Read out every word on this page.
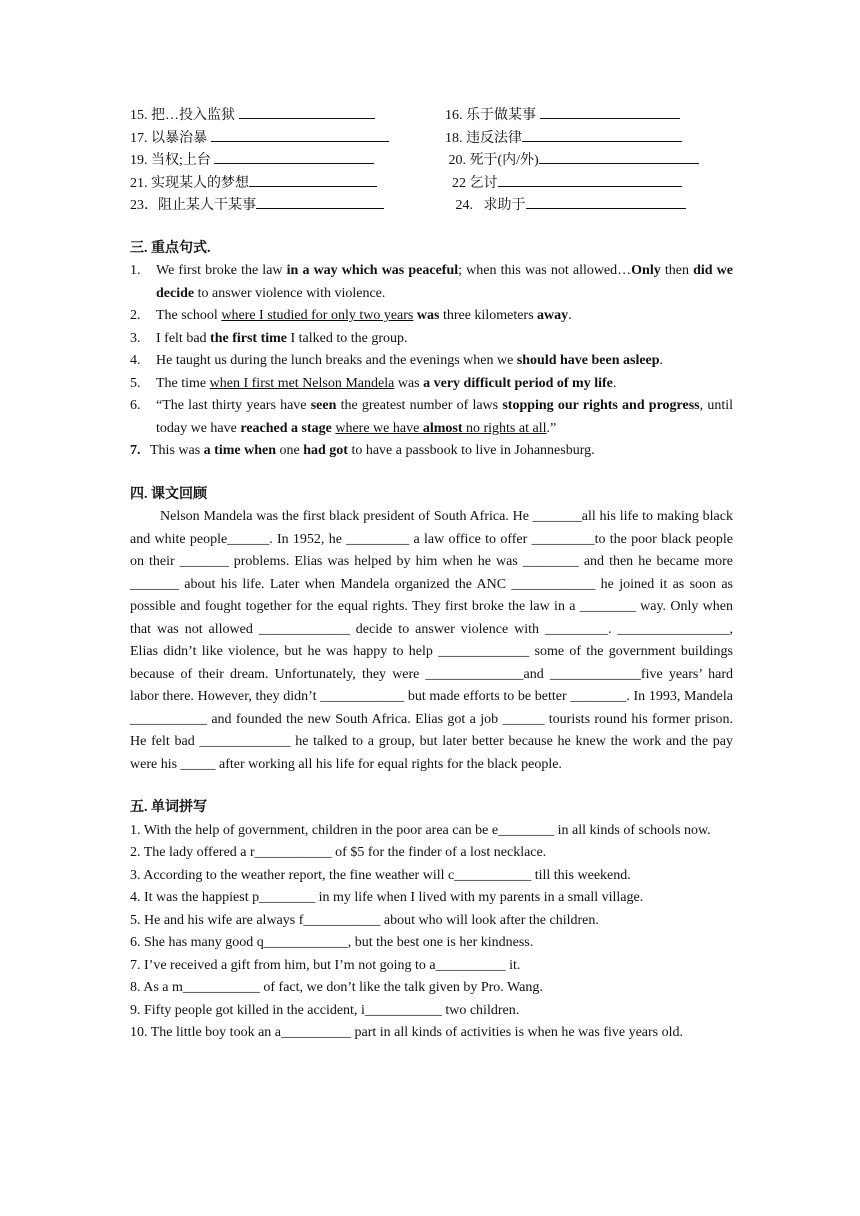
15. 把…投入监狱	16. 乐于做某事
17. 以暴治暴	18. 违反法律
19. 当权;上台	20. 死于(内/外)
21. 实现某人的梦想	22 乞讨
23．阻止某人干某事	24.   求助于
三. 重点句式.
1. We first broke the law in a way which was peaceful; when this was not allowed…Only then did we decide to answer violence with violence.
2. The school where I studied for only two years was three kilometers away.
3. I felt bad the first time I talked to the group.
4. He taught us during the lunch breaks and the evenings when we should have been asleep.
5. The time when I first met Nelson Mandela was a very difficult period of my life.
6. “The last thirty years have seen the greatest number of laws stopping our rights and progress, until today we have reached a stage where we have almost no rights at all.”
7. This was a time when one had got to have a passbook to live in Johannesburg.
四. 课文回顾
Nelson Mandela was the first black president of South Africa. He _______all his life to making black and white people______. In 1952, he _________ a law office to offer _________to the poor black people on their _______ problems. Elias was helped by him when he was ________ and then he became more _______ about his life. Later when Mandela organized the ANC ____________ he joined it as soon as possible and fought together for the equal rights. They first broke the law in a ________ way. Only when that was not allowed _____________ decide to answer violence with _________. ________________, Elias didn’t like violence, but he was happy to help _____________ some of the government buildings because of their dream. Unfortunately, they were ______________and _____________five years’ hard labor there. However, they didn’t ____________ but made efforts to be better ________. In 1993, Mandela ___________ and founded the new South Africa. Elias got a job ______ tourists round his former prison. He felt bad _____________ he talked to a group, but later better because he knew the work and the pay were his _____ after working all his life for equal rights for the black people.
五. 单词拼写
1. With the help of government, children in the poor area can be e________ in all kinds of schools now.
2. The lady offered a r___________ of $5 for the finder of a lost necklace.
3. According to the weather report, the fine weather will c___________ till this weekend.
4. It was the happiest p________ in my life when I lived with my parents in a small village.
5. He and his wife are always f___________ about who will look after the children.
6. She has many good q____________, but the best one is her kindness.
7. I’ve received a gift from him, but I’m not going to a__________ it.
8. As a m___________ of fact, we don’t like the talk given by Pro. Wang.
9. Fifty people got killed in the accident, i___________ two children.
10. The little boy took an a__________ part in all kinds of activities is when he was five years old.
